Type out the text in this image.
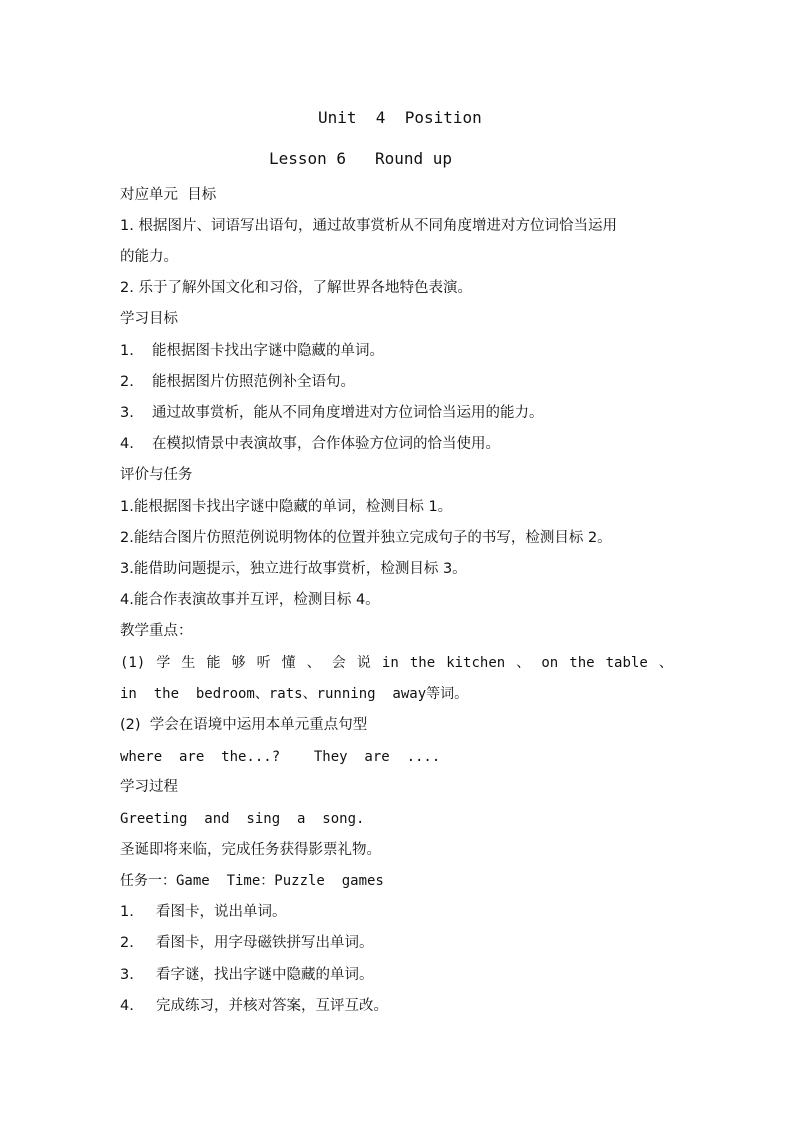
Unit  4  Position
Lesson 6   Round up
对应单元  目标
1. 根据图片、词语写出语句，通过故事赏析从不同角度增进对方位词恰当运用
的能力。
2. 乐于了解外国文化和习俗，了解世界各地特色表演。
学习目标
1. 能根据图卡找出字谜中隐藏的单词。
2. 能根据图片仿照范例补全语句。
3. 通过故事赏析，能从不同角度增进对方位词恰当运用的能力。
4. 在模拟情景中表演故事，合作体验方位词的恰当使用。
评价与任务
1.能根据图卡找出字谜中隐藏的单词，检测目标 1。
2.能结合图片仿照范例说明物体的位置并独立完成句子的书写，检测目标 2。
3.能借助问题提示，独立进行故事赏析，检测目标 3。
4.能合作表演故事并互评，检测目标 4。
教学重点：
(1) 学 生 能 够 听 懂 、 会 说 in the kitchen 、 on the table 、
in  the  bedroom、rats、running  away等词。
(2)  学会在语境中运用本单元重点句型
where  are  the...?    They  are  ....
学习过程
Greeting  and  sing  a  song.
圣诞即将来临，完成任务获得影票礼物。
任务一：Game  Time：Puzzle  games
1. 看图卡，说出单词。
2. 看图卡，用字母磁铁拼写出单词。
3. 看字谜，找出字谜中隐藏的单词。
4. 完成练习，并核对答案，互评互改。
